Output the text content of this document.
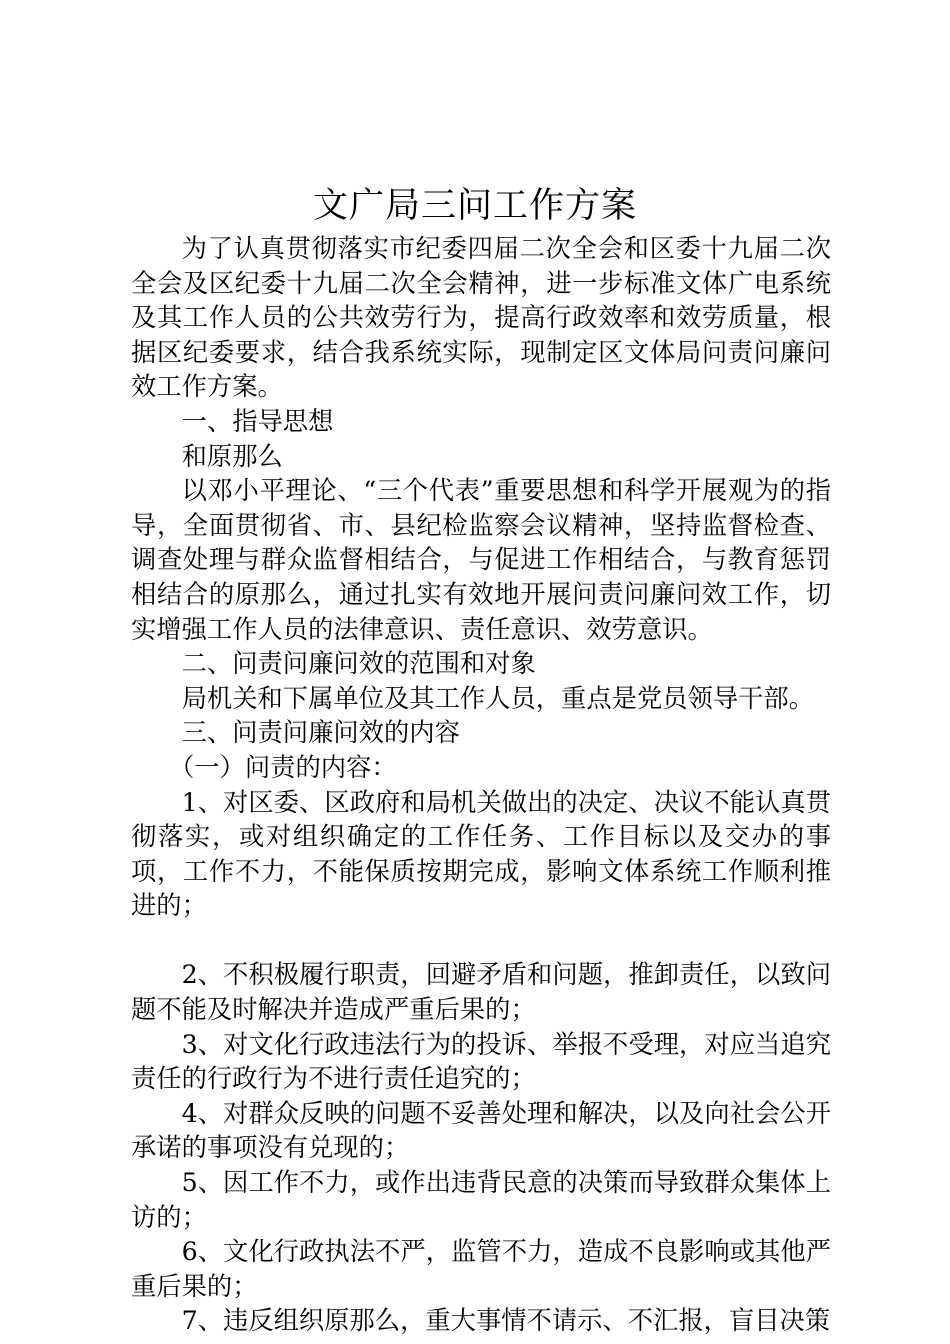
文广局三问工作方案

为了认真贯彻落实市纪委四届二次全会和区委十九届二次全会及区纪委十九届二次全会精神，进一步标准文体广电系统及其工作人员的公共效劳行为，提高行政效率和效劳质量，根据区纪委要求，结合我系统实际，现制定区文体局问责问廉问效工作方案。

一、指导思想

和原那么

以邓小平理论、“三个代表”重要思想和科学开展观为的指导，全面贯彻省、市、县纪检监察会议精神，坚持监督检查、调查处理与群众监督相结合，与促进工作相结合，与教育惩罚相结合的原那么，通过扎实有效地开展问责问廉问效工作，切实增强工作人员的法律意识、责任意识、效劳意识。

二、问责问廉问效的范围和对象

局机关和下属单位及其工作人员，重点是党员领导干部。

三、问责问廉问效的内容

（一）问责的内容：

1、对区委、区政府和局机关做出的决定、决议不能认真贯彻落实，或对组织确定的工作任务、工作目标以及交办的事项，工作不力，不能保质按期完成，影响文体系统工作顺利推进的；

2、不积极履行职责，回避矛盾和问题，推卸责任，以致问题不能及时解决并造成严重后果的；

3、对文化行政违法行为的投诉、举报不受理，对应当追究责任的行政行为不进行责任追究的；

4、对群众反映的问题不妥善处理和解决，以及向社会公开承诺的事项没有兑现的；

5、因工作不力，或作出违背民意的决策而导致群众集体上访的；

6、文化行政执法不严，监管不力，造成不良影响或其他严重后果的；

7、违反组织原那么，重大事情不请示、不汇报，盲目决策
